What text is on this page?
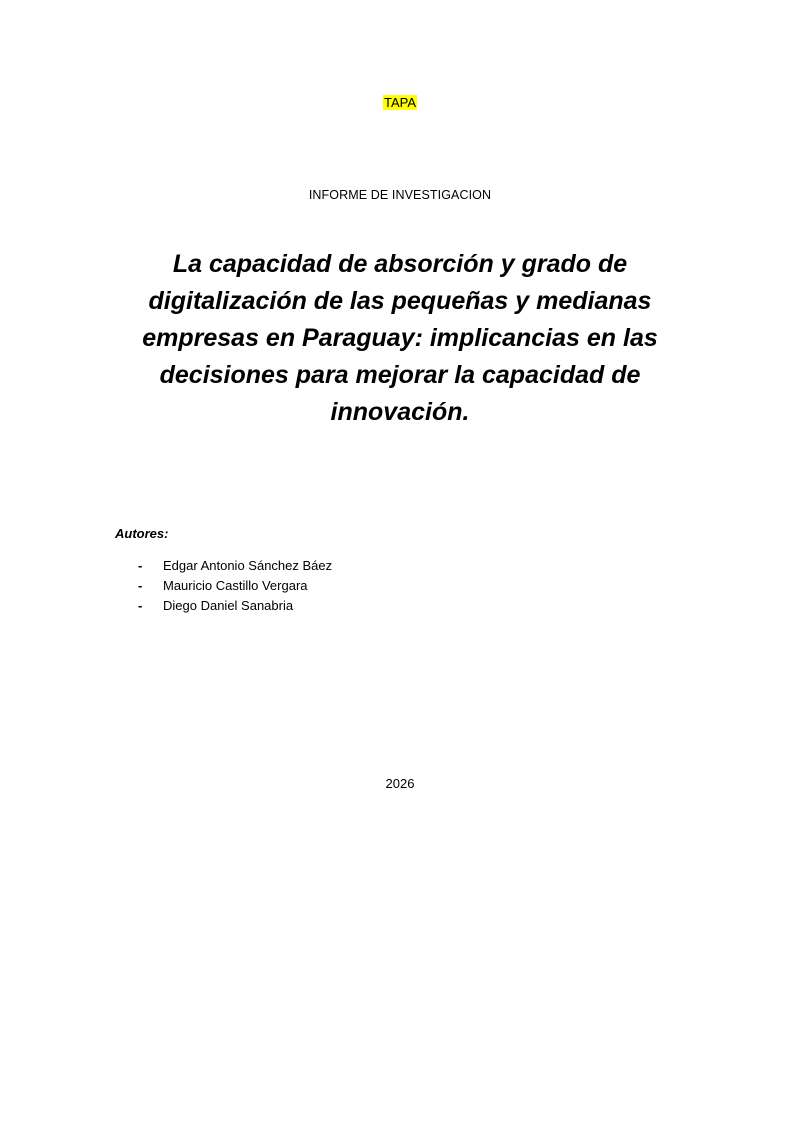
TAPA
INFORME DE INVESTIGACION
La capacidad de absorción y grado de digitalización de las pequeñas y medianas empresas en Paraguay: implicancias en las decisiones para mejorar la capacidad de innovación.
Autores:
-	Edgar Antonio Sánchez Báez
-	Mauricio Castillo Vergara
-	Diego Daniel Sanabria
2026
